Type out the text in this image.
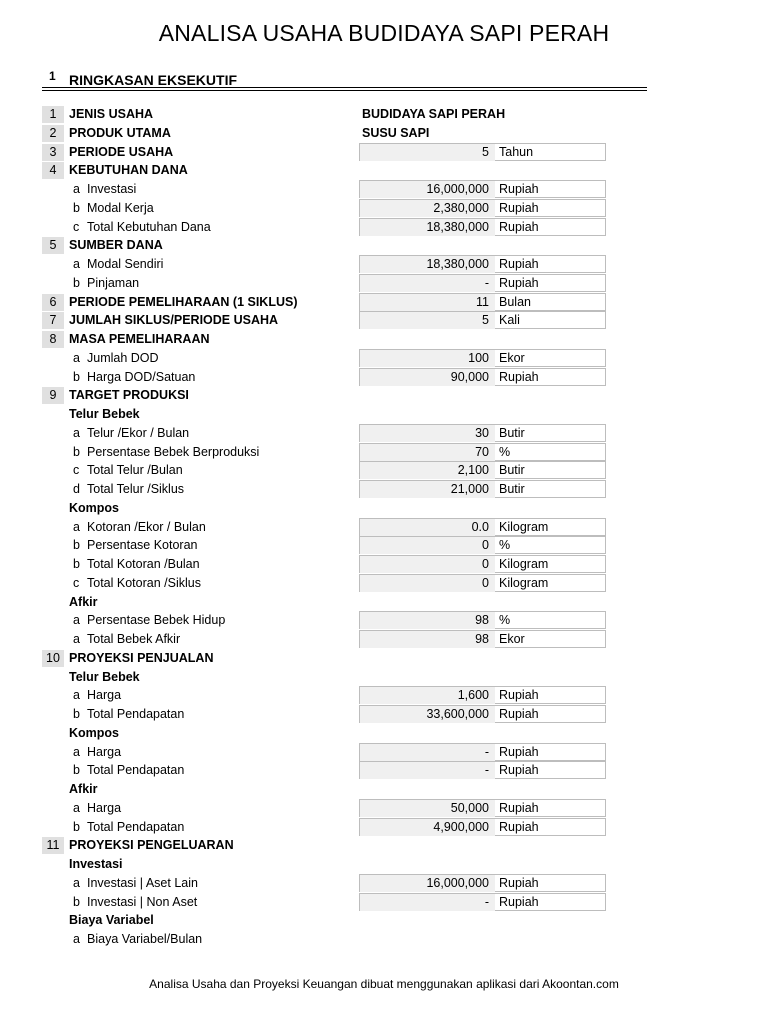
ANALISA USAHA BUDIDAYA SAPI PERAH
1 RINGKASAN EKSEKUTIF
1	JENIS USAHA	BUDIDAYA SAPI PERAH
2	PRODUK UTAMA	SUSU SAPI
3	PERIODE USAHA	5 Tahun
4	KEBUTUHAN DANA
a Investasi	16,000,000 Rupiah
b Modal Kerja	2,380,000 Rupiah
c Total Kebutuhan Dana	18,380,000 Rupiah
5	SUMBER DANA
a Modal Sendiri	18,380,000 Rupiah
b Pinjaman	- Rupiah
6	PERIODE PEMELIHARAAN (1 SIKLUS)	11 Bulan
7	JUMLAH SIKLUS/PERIODE USAHA	5 Kali
8	MASA PEMELIHARAAN
a Jumlah DOD	100 Ekor
b Harga DOD/Satuan	90,000 Rupiah
9	TARGET PRODUKSI
Telur Bebek
a Telur /Ekor / Bulan	30 Butir
b Persentase Bebek Berproduksi	70 %
c Total Telur /Bulan	2,100 Butir
d Total Telur /Siklus	21,000 Butir
Kompos
a Kotoran /Ekor / Bulan	0.0 Kilogram
b Persentase Kotoran	0 %
b Total Kotoran /Bulan	0 Kilogram
c Total Kotoran /Siklus	0 Kilogram
Afkir
a Persentase Bebek Hidup	98 %
a Total Bebek Afkir	98 Ekor
10 PROYEKSI PENJUALAN
Telur Bebek
a Harga	1,600 Rupiah
b Total Pendapatan	33,600,000 Rupiah
Kompos
a Harga	- Rupiah
b Total Pendapatan	- Rupiah
Afkir
a Harga	50,000 Rupiah
b Total Pendapatan	4,900,000 Rupiah
11 PROYEKSI PENGELUARAN
Investasi
a Investasi | Aset Lain	16,000,000 Rupiah
b Investasi | Non Aset	- Rupiah
Biaya Variabel
a Biaya Variabel/Bulan
Analisa Usaha dan Proyeksi Keuangan dibuat menggunakan aplikasi dari Akoontan.com
